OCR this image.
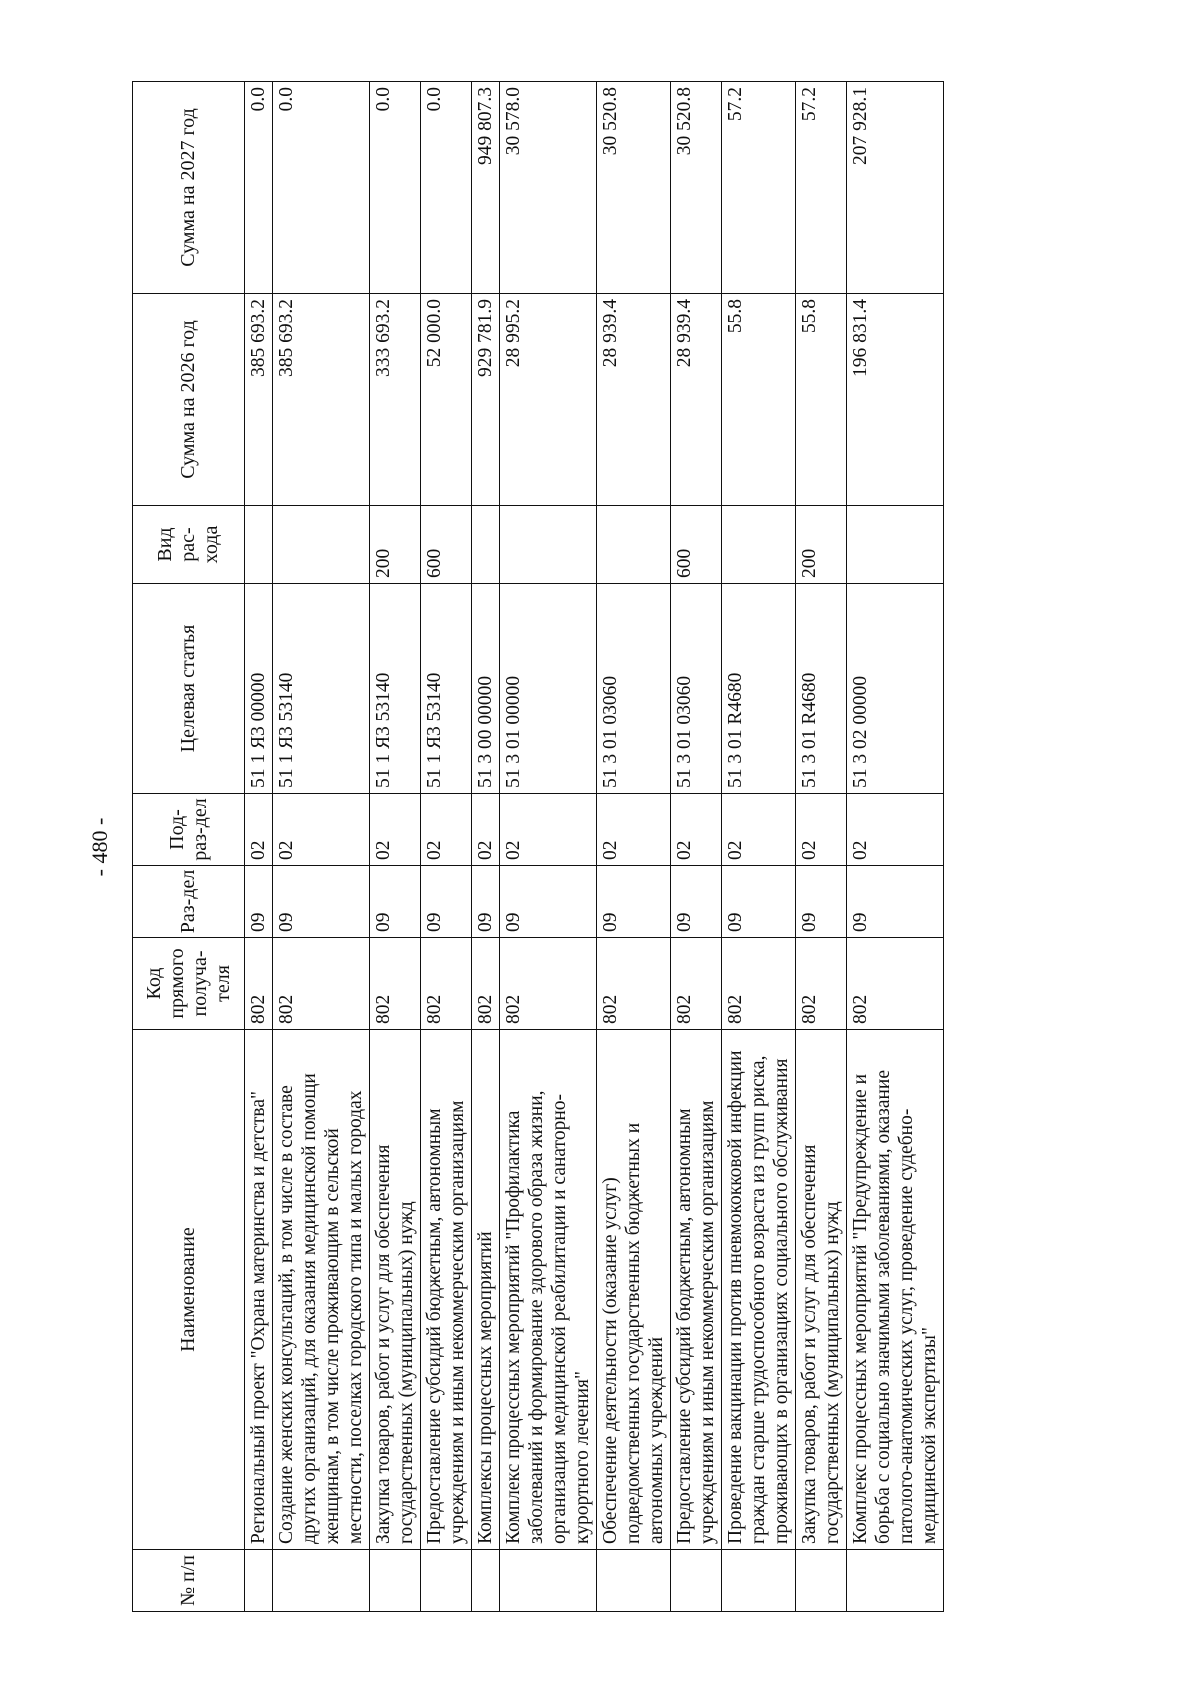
- 480 -
№ п/п	Наименование	Код прямого получа-теля	Раз-дел	Под-раз-дел	Целевая статья	Вид рас-хода	Сумма на 2026 год	Сумма на 2027 год
	Региональный проект "Охрана материнства и детства"	802	09	02	51 1 Я3 00000		385 693.2	0.0
	Создание женских консультаций, в том числе в составе других организаций, для оказания медицинской помощи женщинам, в том числе проживающим в сельской местности, поселках городского типа и малых городах	802	09	02	51 1 Я3 53140		385 693.2	0.0
	Закупка товаров, работ и услуг для обеспечения государственных (муниципальных) нужд	802	09	02	51 1 Я3 53140	200	333 693.2	0.0
	Предоставление субсидий бюджетным, автономным учреждениям и иным некоммерческим организациям	802	09	02	51 1 Я3 53140	600	52 000.0	0.0
	Комплексы процессных мероприятий	802	09	02	51 3 00 00000		929 781.9	949 807.3
	Комплекс процессных мероприятий "Профилактика заболеваний и формирование здорового образа жизни, организация медицинской реабилитации и санаторно-курортного лечения"	802	09	02	51 3 01 00000		28 995.2	30 578.0
	Обеспечение деятельности (оказание услуг) подведомственных государственных бюджетных и автономных учреждений	802	09	02	51 3 01 03060		28 939.4	30 520.8
	Предоставление субсидий бюджетным, автономным учреждениям и иным некоммерческим организациям	802	09	02	51 3 01 03060	600	28 939.4	30 520.8
	Проведение вакцинации против пневмококковой инфекции граждан старше трудоспособного возраста из групп риска, проживающих в организациях социального обслуживания	802	09	02	51 3 01 R4680		55.8	57.2
	Закупка товаров, работ и услуг для обеспечения государственных (муниципальных) нужд	802	09	02	51 3 01 R4680	200	55.8	57.2
	Комплекс процессных мероприятий "Предупреждение и борьба с социально значимыми заболеваниями, оказание патолого-анатомических услуг, проведение судебно-медицинской экспертизы"	802	09	02	51 3 02 00000		196 831.4	207 928.1
